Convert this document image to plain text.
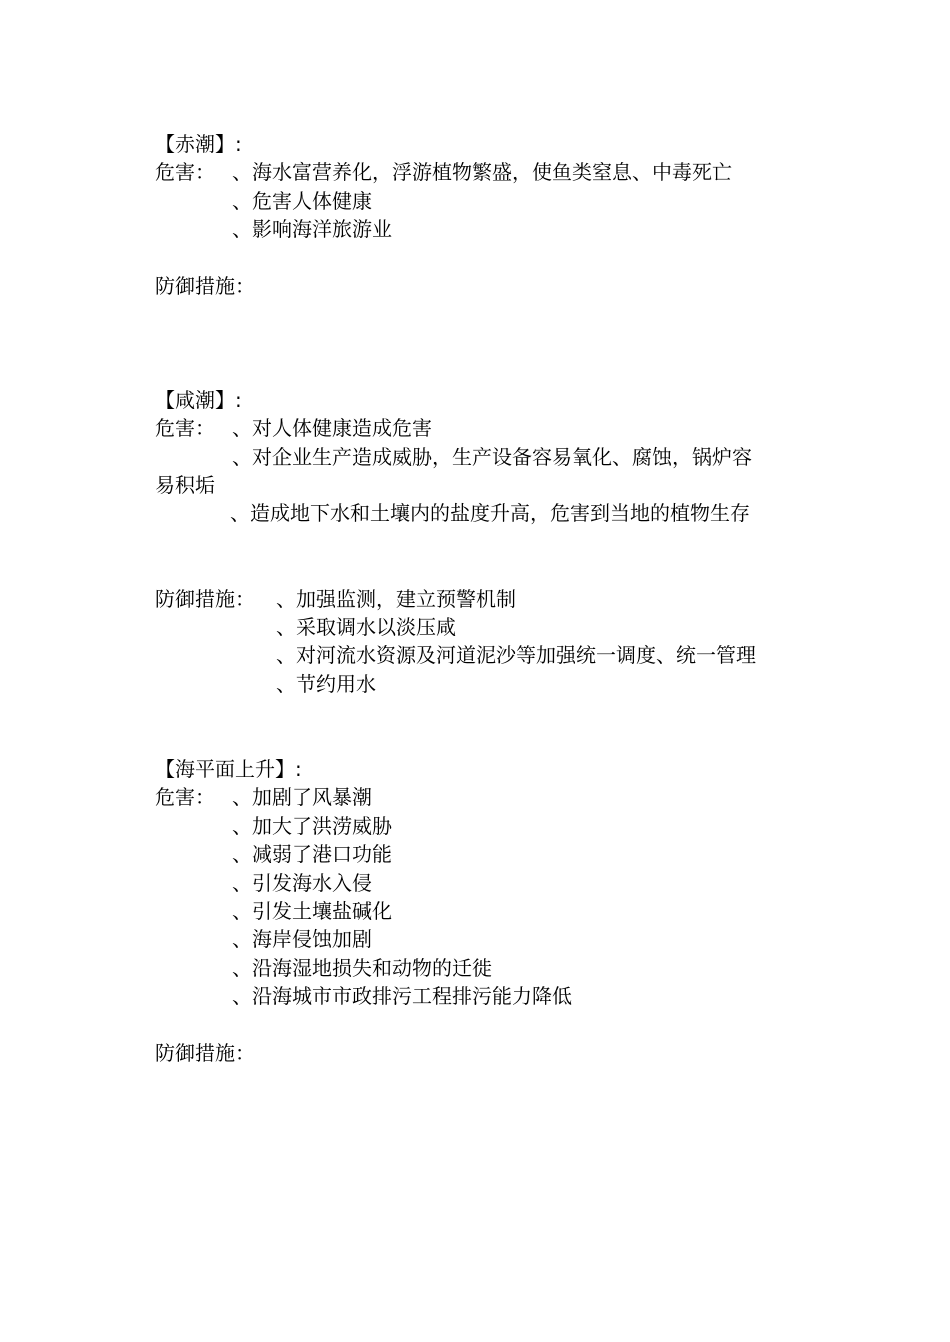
【赤潮】:
危害： 、海水富营养化，浮游植物繁盛，使鱼类窒息、中毒死亡
、危害人体健康
、影响海洋旅游业
防御措施：
【咸潮】:
危害： 、对人体健康造成危害
、对企业生产造成威胁，生产设备容易氧化、腐蚀，锅炉容
易积垢
、造成地下水和土壤内的盐度升高，危害到当地的植物生存
防御措施： 、加强监测，建立预警机制
、采取调水以淡压咸
、对河流水资源及河道泥沙等加强统一调度、统一管理
、节约用水
【海平面上升】:
危害： 、加剧了风暴潮
、加大了洪涝威胁
、减弱了港口功能
、引发海水入侵
、引发土壤盐碱化
、海岸侵蚀加剧
、沿海湿地损失和动物的迁徙
、沿海城市市政排污工程排污能力降低
防御措施：
